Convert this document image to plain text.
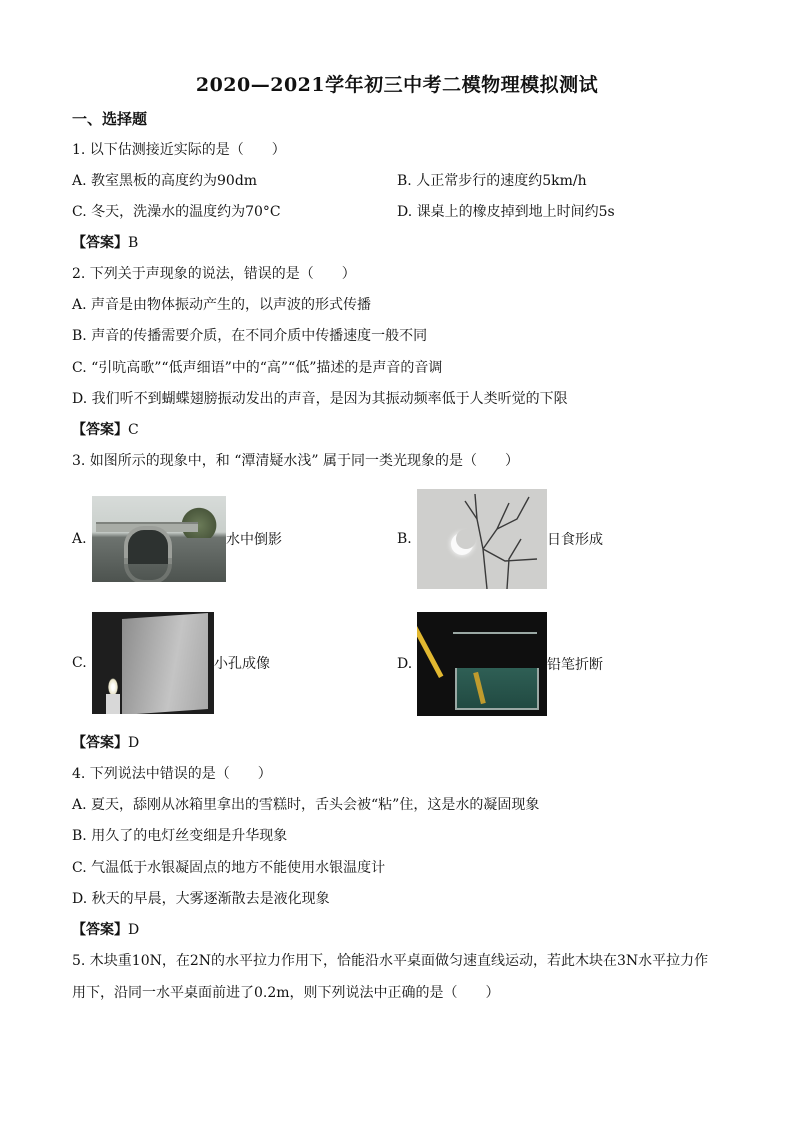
2020—2021学年初三中考二模物理模拟测试
一、选择题
1. 以下估测接近实际的是（　　）
A. 教室黑板的高度约为90dm	B. 人正常步行的速度约5km/h
C. 冬天，洗澡水的温度约为70°C	D. 课桌上的橡皮掉到地上时间约5s
【答案】B
2. 下列关于声现象的说法，错误的是（　　）
A. 声音是由物体振动产生的，以声波的形式传播
B. 声音的传播需要介质，在不同介质中传播速度一般不同
C. “引吭高歌”“低声细语”中的“高”“低”描述的是声音的音调
D. 我们听不到蝴蝶翅膀振动发出的声音，是因为其振动频率低于人类听觉的下限
【答案】C
3. 如图所示的现象中，和 “潭清疑水浅” 属于同一类光现象的是（　　）
A.	水中倒影	B.	日食形成
C.	小孔成像	D.	铅笔折断
【答案】D
4. 下列说法中错误的是（　　）
A. 夏天，舔刚从冰箱里拿出的雪糕时，舌头会被“粘”住，这是水的凝固现象
B. 用久了的电灯丝变细是升华现象
C. 气温低于水银凝固点的地方不能使用水银温度计
D. 秋天的早晨，大雾逐渐散去是液化现象
【答案】D
5. 木块重10N，在2N的水平拉力作用下，恰能沿水平桌面做匀速直线运动，若此木块在3N水平拉力作
用下，沿同一水平桌面前进了0.2m，则下列说法中正确的是（　　）
